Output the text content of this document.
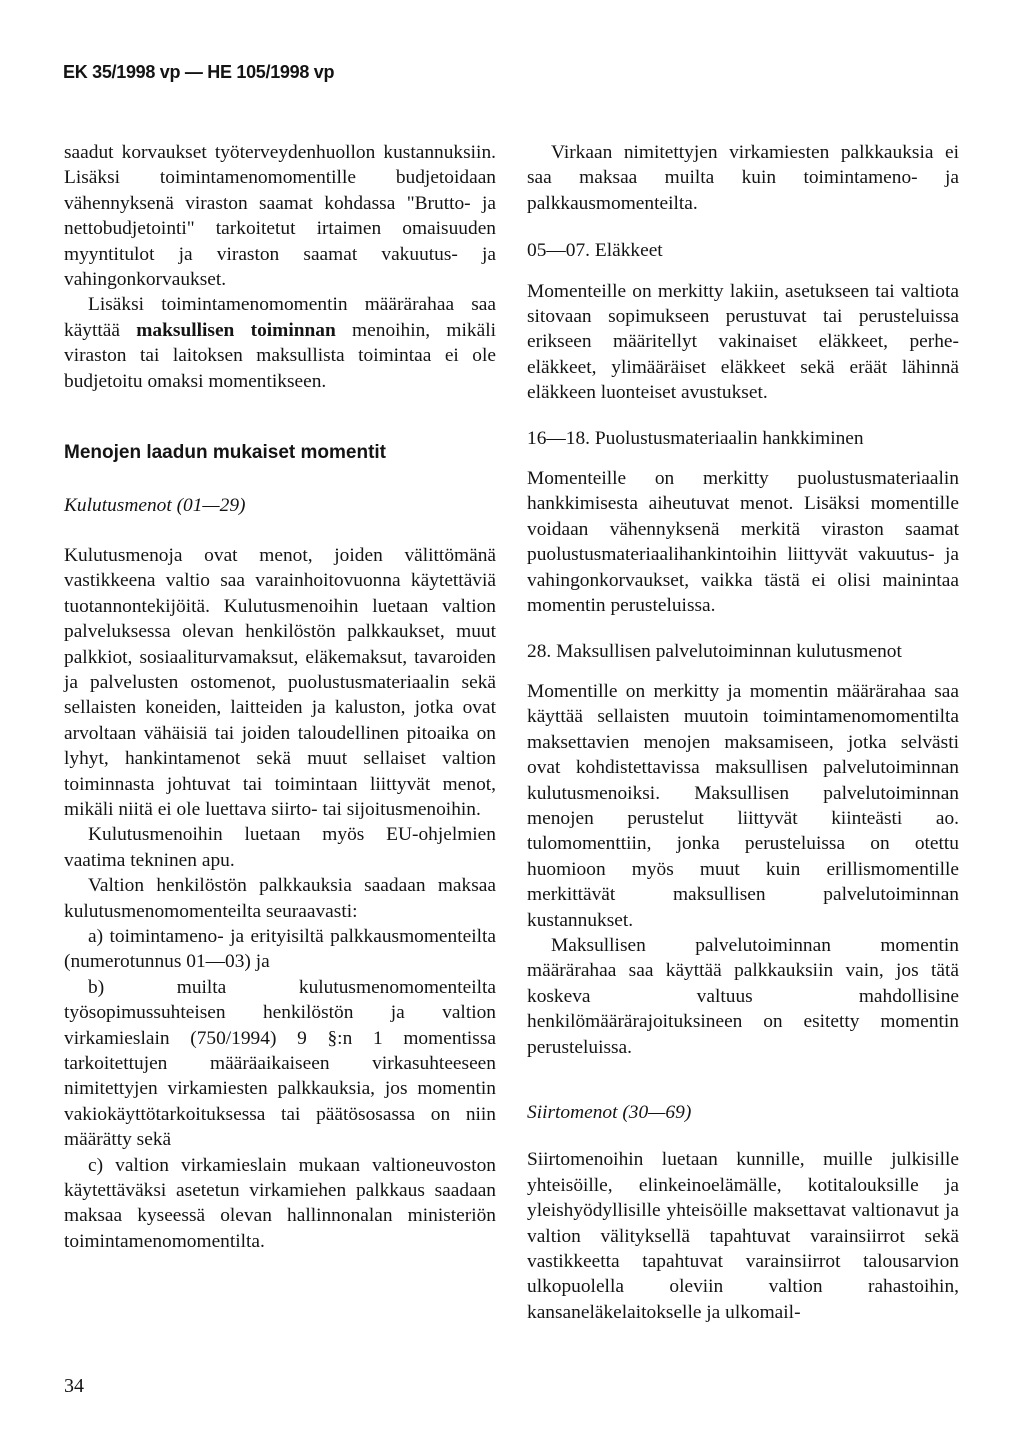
EK 35/1998 vp — HE 105/1998 vp

saadut korvaukset työterveydenhuollon kustannuksiin. Lisäksi toimintamenomomentille budjetoidaan vähennyksenä viraston saamat kohdassa "Brutto- ja nettobudjetointi" tarkoitetut irtaimen omaisuuden myyntitulot ja viraston saamat vakuutus- ja vahingonkorvaukset.

Lisäksi toimintamenomomentin määrärahaa saa käyttää maksullisen toiminnan menoihin, mikäli viraston tai laitoksen maksullista toimintaa ei ole budjetoitu omaksi momentikseen.

Menojen laadun mukaiset momentit

Kulutusmenot (01—29)

Kulutusmenoja ovat menot, joiden välittömänä vastikkeena valtio saa varainhoitovuonna käytettäviä tuotannontekijöitä. Kulutusmenoihin luetaan valtion palveluksessa olevan henkilöstön palkkaukset, muut palkkiot, sosiaaliturvamaksut, eläkemaksut, tavaroiden ja palvelusten ostomenot, puolustusmateriaalin sekä sellaisten koneiden, laitteiden ja kaluston, jotka ovat arvoltaan vähäisiä tai joiden taloudellinen pitoaika on lyhyt, hankintamenot sekä muut sellaiset valtion toiminnasta johtuvat tai toimintaan liittyvät menot, mikäli niitä ei ole luettava siirto- tai sijoitusmenoihin.

Kulutusmenoihin luetaan myös EU-ohjelmien vaatima tekninen apu.

Valtion henkilöstön palkkauksia saadaan maksaa kulutusmenomomenteilta seuraavasti:

a) toimintameno- ja erityisiltä palkkausmomenteilta (numerotunnus 01—03) ja

b) muilta kulutusmenomomenteilta työsopimussuhteisen henkilöstön ja valtion virkamieslain (750/1994) 9 §:n 1 momentissa tarkoitettujen määräaikaiseen virkasuhteeseen nimitettyjen virkamiesten palkkauksia, jos momentin vakiokäyttötarkoituksessa tai päätösosassa on niin määrätty sekä

c) valtion virkamieslain mukaan valtioneuvoston käytettäväksi asetetun virkamiehen palkkaus saadaan maksaa kyseessä olevan hallinnonalan ministeriön toimintamenomomentilta.

Virkaan nimitettyjen virkamiesten palkkauksia ei saa maksaa muilta kuin toimintameno- ja palkkausmomenteilta.

05—07. Eläkkeet

Momenteille on merkitty lakiin, asetukseen tai valtiota sitovaan sopimukseen perustuvat tai perusteluissa erikseen määritellyt vakinaiset eläkkeet, perhe-eläkkeet, ylimääräiset eläkkeet sekä eräät lähinnä eläkkeen luonteiset avustukset.

16—18. Puolustusmateriaalin hankkiminen

Momenteille on merkitty puolustusmateriaalin hankkimisesta aiheutuvat menot. Lisäksi momentille voidaan vähennyksenä merkitä viraston saamat puolustusmateriaalihankintoihin liittyvät vakuutus- ja vahingonkorvaukset, vaikka tästä ei olisi mainintaa momentin perusteluissa.

28. Maksullisen palvelutoiminnan kulutusmenot

Momentille on merkitty ja momentin määrärahaa saa käyttää sellaisten muutoin toimintamenomomentilta maksettavien menojen maksamiseen, jotka selvästi ovat kohdistettavissa maksullisen palvelutoiminnan kulutusmenoiksi. Maksullisen palvelutoiminnan menojen perustelut liittyvät kiinteästi ao. tulomomenttiin, jonka perusteluissa on otettu huomioon myös muut kuin erillismomentille merkittävät maksullisen palvelutoiminnan kustannukset.

Maksullisen palvelutoiminnan momentin määrärahaa saa käyttää palkkauksiin vain, jos tätä koskeva valtuus mahdollisine henkilömäärärajoituksineen on esitetty momentin perusteluissa.

Siirtomenot (30—69)

Siirtomenoihin luetaan kunnille, muille julkisille yhteisöille, elinkeinoelämälle, kotitalouksille ja yleishyödyllisille yhteisöille maksettavat valtionavut ja valtion välityksellä tapahtuvat varainsiirrot sekä vastikkeetta tapahtuvat varainsiirrot talousarvion ulkopuolella oleviin valtion rahastoihin, kansaneläkelaitokselle ja ulkomail-

34
